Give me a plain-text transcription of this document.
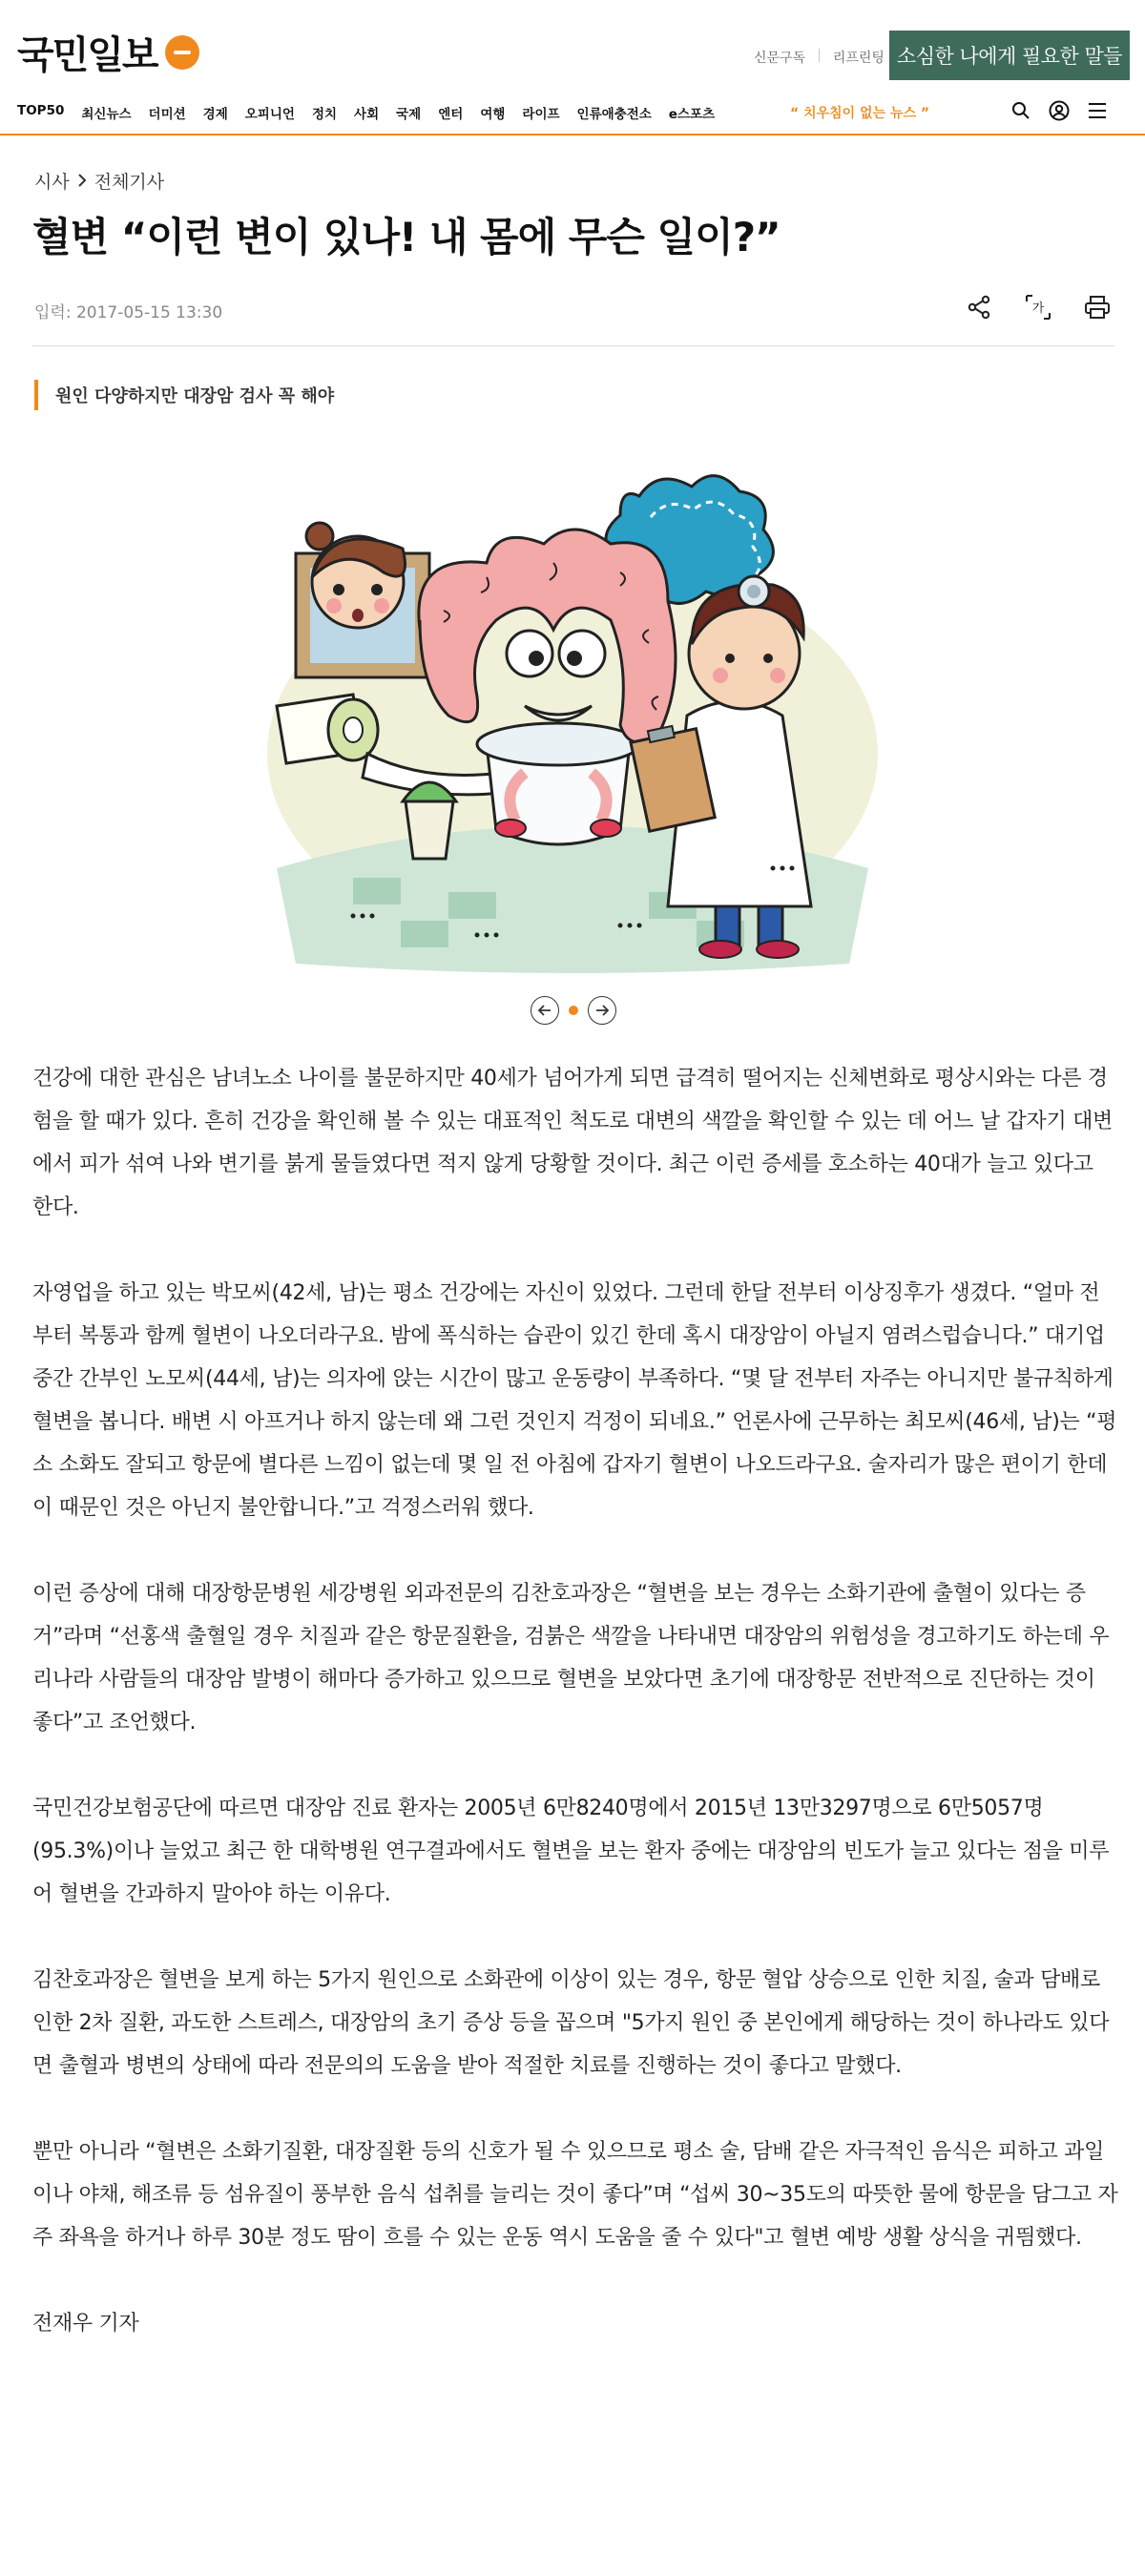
국민일보	신문구독 | 리프린팅 소심한 나에게 필요한 말들
TOP50 최신뉴스 더미션 경제 오피니언 정치 사회 국제 엔터 여행 라이프 인류애충전소 e스포츠	“ 치우침이 없는 뉴스 ”
시사 전체기사
혈변 “이런 변이 있나! 내 몸에 무슨 일이?”
입력: 2017-05-15 13:30	가
원인 다양하지만 대장암 검사 꼭 해야

건강에 대한 관심은 남녀노소 나이를 불문하지만 40세가 넘어가게 되면 급격히 떨어지는 신체변화로 평상시와는 다른 경험을 할 때가 있다. 흔히 건강을 확인해 볼 수 있는 대표적인 척도로 대변의 색깔을 확인할 수 있는 데 어느 날 갑자기 대변에서 피가 섞여 나와 변기를 붉게 물들였다면 적지 않게 당황할 것이다. 최근 이런 증세를 호소하는 40대가 늘고 있다고 한다.

자영업을 하고 있는 박모씨(42세, 남)는 평소 건강에는 자신이 있었다. 그런데 한달 전부터 이상징후가 생겼다. “얼마 전부터 복통과 함께 혈변이 나오더라구요. 밤에 폭식하는 습관이 있긴 한데 혹시 대장암이 아닐지 염려스럽습니다.” 대기업 중간 간부인 노모씨(44세, 남)는 의자에 앉는 시간이 많고 운동량이 부족하다. “몇 달 전부터 자주는 아니지만 불규칙하게 혈변을 봅니다. 배변 시 아프거나 하지 않는데 왜 그런 것인지 걱정이 되네요.” 언론사에 근무하는 최모씨(46세, 남)는 “평소 소화도 잘되고 항문에 별다른 느낌이 없는데 몇 일 전 아침에 갑자기 혈변이 나오드라구요. 술자리가 많은 편이기 한데 이 때문인 것은 아닌지 불안합니다.”고 걱정스러워 했다.

이런 증상에 대해 대장항문병원 세강병원 외과전문의 김찬호과장은 “혈변을 보는 경우는 소화기관에 출혈이 있다는 증거”라며 “선홍색 출혈일 경우 치질과 같은 항문질환을, 검붉은 색깔을 나타내면 대장암의 위험성을 경고하기도 하는데 우리나라 사람들의 대장암 발병이 해마다 증가하고 있으므로 혈변을 보았다면 초기에 대장항문 전반적으로 진단하는 것이 좋다”고 조언했다.

국민건강보험공단에 따르면 대장암 진료 환자는 2005년 6만8240명에서 2015년 13만3297명으로 6만5057명(95.3%)이나 늘었고 최근 한 대학병원 연구결과에서도 혈변을 보는 환자 중에는 대장암의 빈도가 늘고 있다는 점을 미루어 혈변을 간과하지 말아야 하는 이유다.

김찬호과장은 혈변을 보게 하는 5가지 원인으로 소화관에 이상이 있는 경우, 항문 혈압 상승으로 인한 치질, 술과 담배로 인한 2차 질환, 과도한 스트레스, 대장암의 초기 증상 등을 꼽으며 "5가지 원인 중 본인에게 해당하는 것이 하나라도 있다면 출혈과 병변의 상태에 따라 전문의의 도움을 받아 적절한 치료를 진행하는 것이 좋다고 말했다.

뿐만 아니라 “혈변은 소화기질환, 대장질환 등의 신호가 될 수 있으므로 평소 술, 담배 같은 자극적인 음식은 피하고 과일이나 야채, 해조류 등 섬유질이 풍부한 음식 섭취를 늘리는 것이 좋다”며 “섭씨 30~35도의 따뜻한 물에 항문을 담그고 자주 좌욕을 하거나 하루 30분 정도 땀이 흐를 수 있는 운동 역시 도움을 줄 수 있다"고 혈변 예방 생활 상식을 귀띔했다.

전재우 기자
